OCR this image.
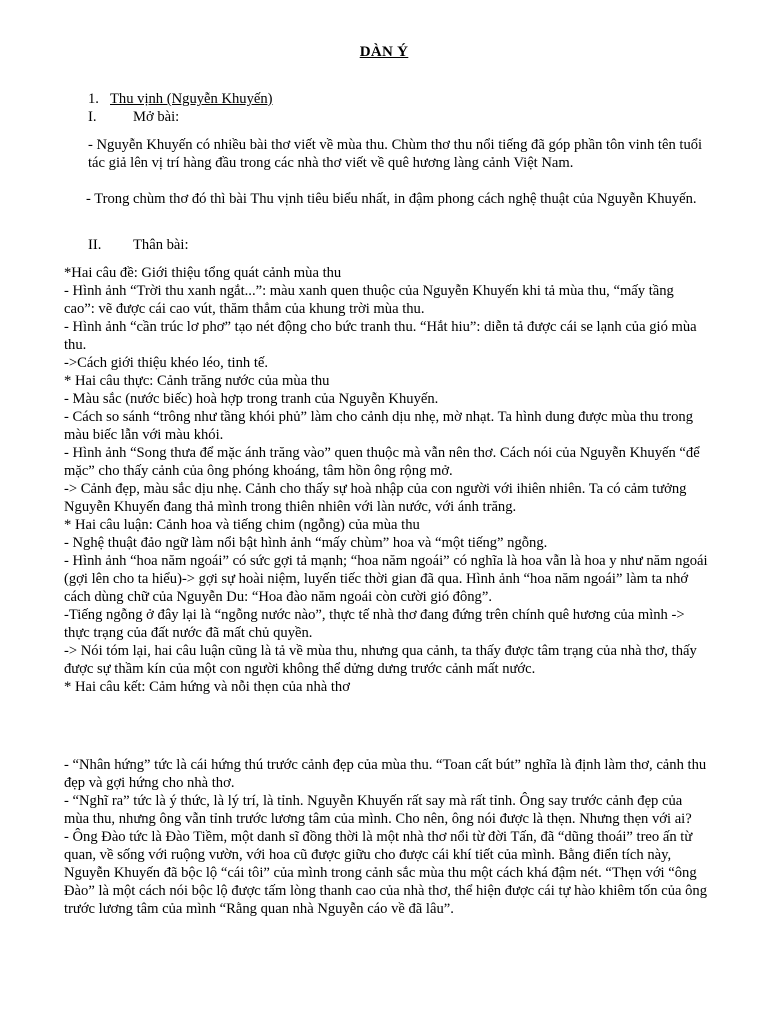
DÀN Ý
1. Thu vịnh (Nguyễn Khuyến)
I. Mở bài:

- Nguyễn Khuyến có nhiều bài thơ viết về mùa thu. Chùm thơ thu nổi tiếng đã góp phần tôn vinh tên tuổi tác giả lên vị trí hàng đầu trong các nhà thơ viết về quê hương làng cảnh Việt Nam.

- Trong chùm thơ đó thì bài Thu vịnh tiêu biểu nhất, in đậm phong cách nghệ thuật của Nguyễn Khuyến.

II. Thân bài:

*Hai câu đề: Giới thiệu tổng quát cảnh mùa thu

- Hình ảnh “Trời thu xanh ngắt...”: màu xanh quen thuộc của Nguyễn Khuyến khi tả mùa thu, “mấy tầng cao”: vẽ được cái cao vút, thăm thẳm của khung trời mùa thu.

- Hình ảnh “cần trúc lơ phơ” tạo nét động cho bức tranh thu. “Hắt hiu”: diễn tả được cái se lạnh của gió mùa thu.

->Cách giới thiệu khéo léo, tinh tế.

* Hai câu thực: Cảnh trăng nước của mùa thu

- Màu sắc (nước biếc) hoà hợp trong tranh của Nguyễn Khuyến.

- Cách so sánh “trông như tầng khói phủ” làm cho cảnh dịu nhẹ, mờ nhạt. Ta hình dung được mùa thu trong màu biếc lẫn với màu khói.

- Hình ảnh “Song thưa để mặc ánh trăng vào” quen thuộc mà vẫn nên thơ. Cách nói của Nguyễn Khuyến “để mặc” cho thấy cảnh của ông phóng khoáng, tâm hồn ông rộng mở.

-> Cảnh đẹp, màu sắc dịu nhẹ. Cảnh cho thấy sự hoà nhập của con người với ihiên nhiên. Ta có cảm tưởng Nguyễn Khuyến đang thả mình trong thiên nhiên với làn nước, với ánh trăng.

* Hai câu luận: Cảnh hoa và tiếng chim (ngỗng) của mùa thu

- Nghệ thuật đảo ngữ làm nổi bật hình ảnh “mấy chùm” hoa và “một tiếng” ngỗng.

- Hình ảnh “hoa năm ngoái” có sức gợi tả mạnh; “hoa năm ngoái” có nghĩa là hoa vẫn là hoa y như năm ngoái (gợi lên cho ta hiểu)-> gợi sự hoài niệm, luyến tiếc thời gian đã qua. Hình ảnh “hoa năm ngoái” làm ta nhớ cách dùng chữ của Nguyễn Du: “Hoa đào năm ngoái còn cười gió đông”.

-Tiếng ngỗng ở đây lại là “ngỗng nước nào”, thực tế nhà thơ đang đứng trên chính quê hương của mình -> thực trạng của đất nước đã mất chủ quyền.

-> Nói tóm lại, hai câu luận cũng là tả về mùa thu, nhưng qua cảnh, ta thấy được tâm trạng của nhà thơ, thấy được sự thầm kín của một con người không thể dửng dưng trước cảnh mất nước.

* Hai câu kết: Cảm hứng và nỗi thẹn của nhà thơ

- “Nhân hứng” tức là cái hứng thú trước cảnh đẹp của mùa thu. “Toan cất bút” nghĩa là định làm thơ, cảnh thu đẹp và gợi hứng cho nhà thơ.

- “Nghĩ ra” tức là ý thức, là lý trí, là tỉnh. Nguyễn Khuyến rất say mà rất tỉnh. Ông say trước cảnh đẹp của mùa thu, nhưng ông vẫn tỉnh trước lương tâm của mình. Cho nên, ông nói được là thẹn. Nhưng thẹn với ai?

- Ông Đào tức là Đào Tiềm, một danh sĩ đồng thời là một nhà thơ nổi từ đời Tấn, đã “dũng thoái” treo ấn từ quan, về sống với ruộng vườn, với hoa cũ được giữu cho được cái khí tiết của mình. Bằng điển tích này, Nguyễn Khuyến đã bộc lộ “cái tôi” của mình trong cảnh sắc mùa thu một cách khá đậm nét. “Thẹn với “ông Đào” là một cách nói bộc lộ được tấm lòng thanh cao của nhà thơ, thể hiện được cái tự hào khiêm tốn của ông trước lương tâm của mình “Rằng quan nhà Nguyễn cáo về đã lâu”.
